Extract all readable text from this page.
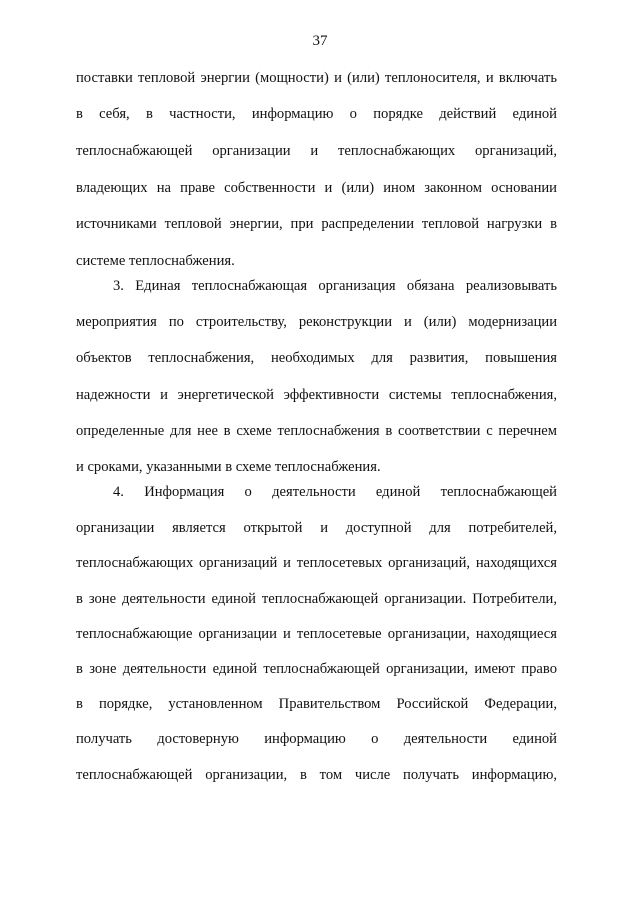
37
поставки тепловой энергии (мощности) и (или) теплоносителя, и включать
в себя, в частности, информацию о порядке действий единой
теплоснабжающей организации и теплоснабжающих организаций,
владеющих на праве собственности и (или) ином законном основании
источниками тепловой энергии, при распределении тепловой нагрузки в
системе теплоснабжения.
3. Единая теплоснабжающая организация обязана реализовывать
мероприятия по строительству, реконструкции и (или) модернизации
объектов теплоснабжения, необходимых для развития, повышения
надежности и энергетической эффективности системы теплоснабжения,
определенные для нее в схеме теплоснабжения в соответствии с перечнем
и сроками, указанными в схеме теплоснабжения.
4. Информация о деятельности единой теплоснабжающей
организации является открытой и доступной для потребителей,
теплоснабжающих организаций и теплосетевых организаций, находящихся
в зоне деятельности единой теплоснабжающей организации. Потребители,
теплоснабжающие организации и теплосетевые организации, находящиеся
в зоне деятельности единой теплоснабжающей организации, имеют право
в порядке, установленном Правительством Российской Федерации,
получать достоверную информацию о деятельности единой
теплоснабжающей организации, в том числе получать информацию,
